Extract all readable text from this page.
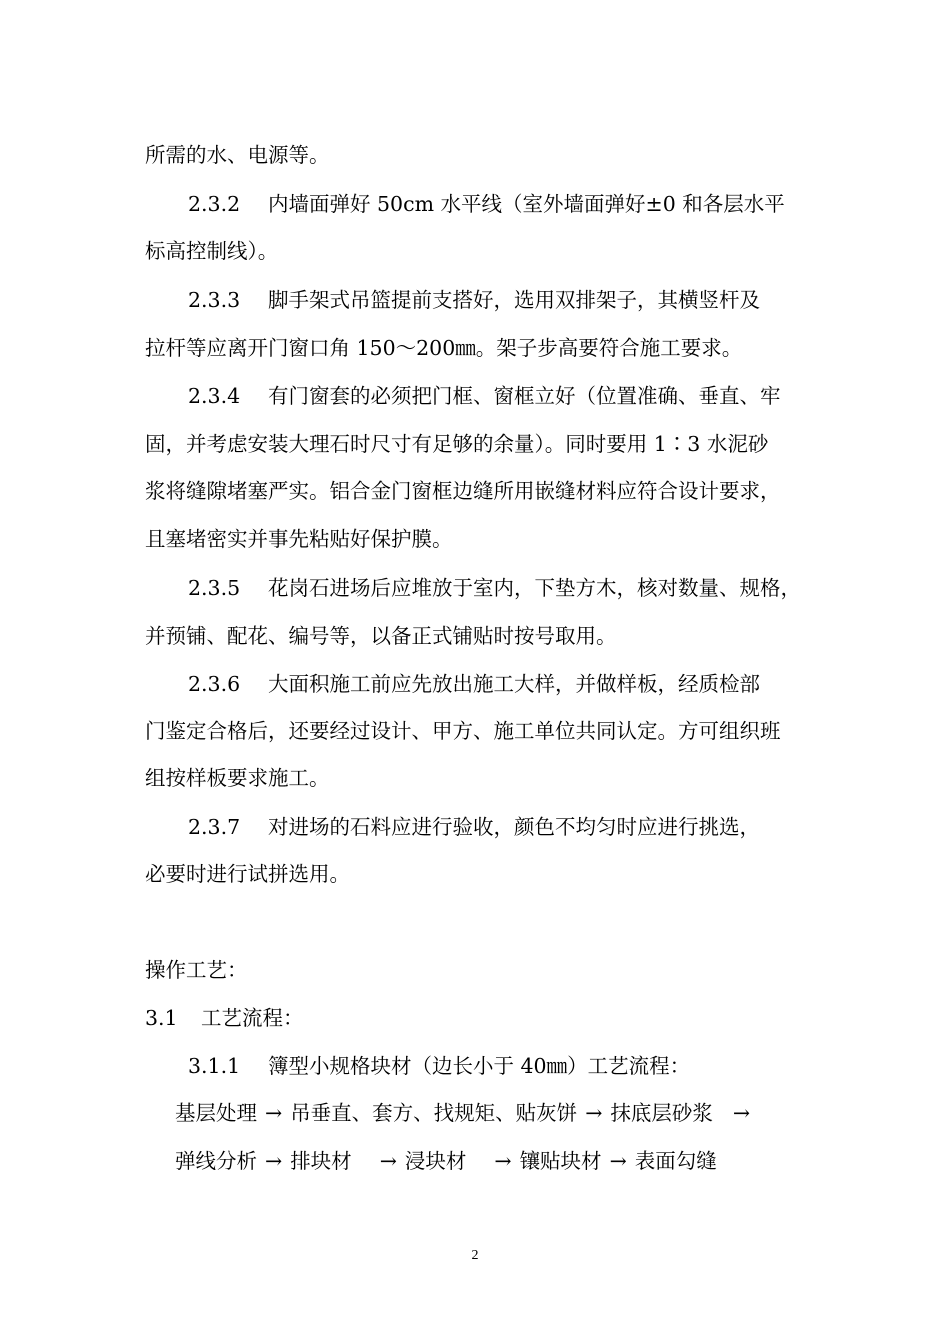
所需的水、电源等。
2.3.2 内墙面弹好 50cm 水平线（室外墙面弹好±0 和各层水平
标高控制线）。
2.3.3 脚手架式吊篮提前支搭好，选用双排架子，其横竖杆及
拉杆等应离开门窗口角 150～200㎜。架子步高要符合施工要求。
2.3.4 有门窗套的必须把门框、窗框立好（位置准确、垂直、牢
固，并考虑安装大理石时尺寸有足够的余量）。同时要用 1∶3 水泥砂
浆将缝隙堵塞严实。铝合金门窗框边缝所用嵌缝材料应符合设计要求，
且塞堵密实并事先粘贴好保护膜。
2.3.5 花岗石进场后应堆放于室内，下垫方木，核对数量、规格，
并预铺、配花、编号等，以备正式铺贴时按号取用。
2.3.6 大面积施工前应先放出施工大样，并做样板，经质检部
门鉴定合格后，还要经过设计、甲方、施工单位共同认定。方可组织班
组按样板要求施工。
2.3.7 对进场的石料应进行验收，颜色不均匀时应进行挑选，
必要时进行试拼选用。
操作工艺：
3.1 工艺流程：
3.1.1 簿型小规格块材（边长小于 40㎜）工艺流程：
基层处理 → 吊垂直、套方、找规矩、贴灰饼 → 抹底层砂浆 →
弹线分析 → 排块材 → 浸块材 → 镶贴块材 → 表面勾缝
2
